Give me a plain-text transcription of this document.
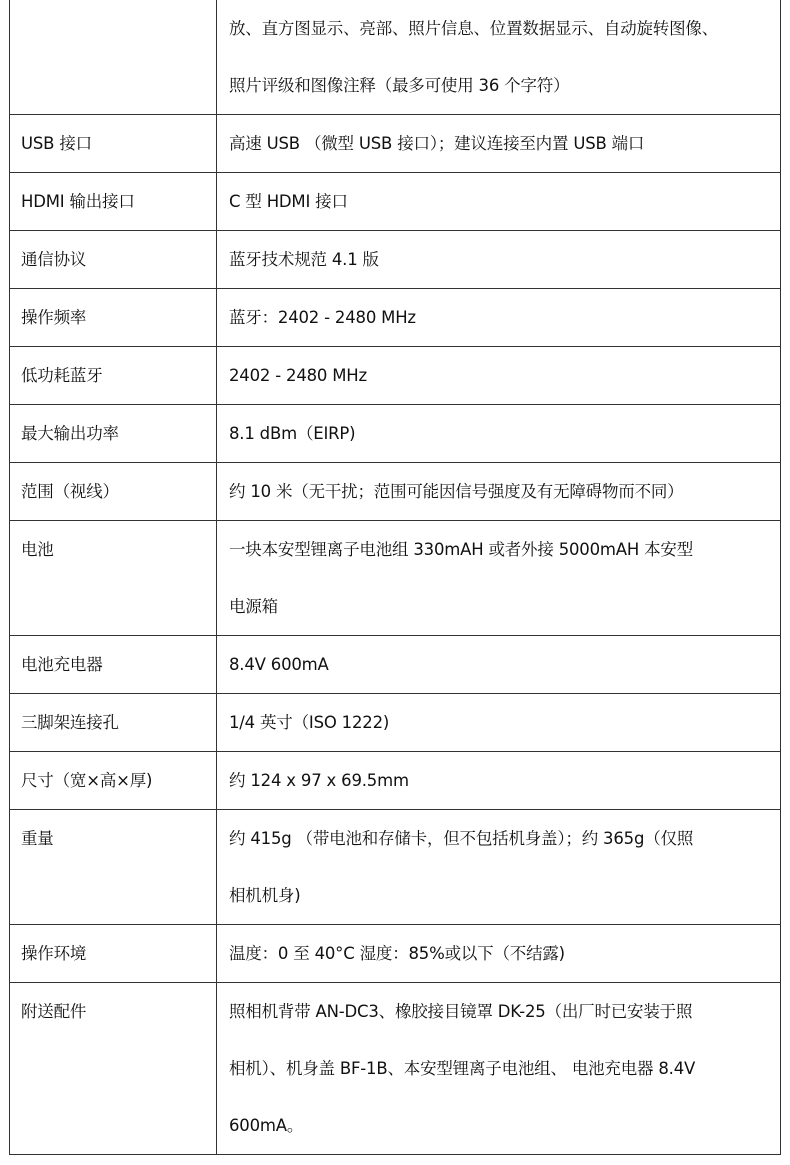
	放、直方图显示、亮部、照片信息、位置数据显示、自动旋转图像、
照片评级和图像注释（最多可使用 36 个字符）

USB 接口	高速 USB （微型 USB 接口）；建议连接至内置 USB 端口

HDMI 输出接口	C 型 HDMI 接口

通信协议	蓝牙技术规范 4.1 版

操作频率	蓝牙：2402 - 2480 MHz

低功耗蓝牙	2402 - 2480 MHz

最大输出功率	8.1 dBm（EIRP)

范围（视线）	约 10 米（无干扰；范围可能因信号强度及有无障碍物而不同）

电池	一块本安型锂离子电池组 330mAH 或者外接 5000mAH 本安型
电源箱

电池充电器	8.4V 600mA

三脚架连接孔	1/4 英寸（ISO 1222)

尺寸（宽×高×厚)	约 124 x 97 x 69.5mm

重量	约 415g （带电池和存储卡，但不包括机身盖）；约 365g（仅照
相机机身)

操作环境	温度：0 至 40°C 湿度：85%或以下（不结露)

附送配件	照相机背带 AN-DC3、橡胶接目镜罩 DK-25（出厂时已安装于照
相机）、机身盖 BF-1B、本安型锂离子电池组、 电池充电器 8.4V
600mA。
